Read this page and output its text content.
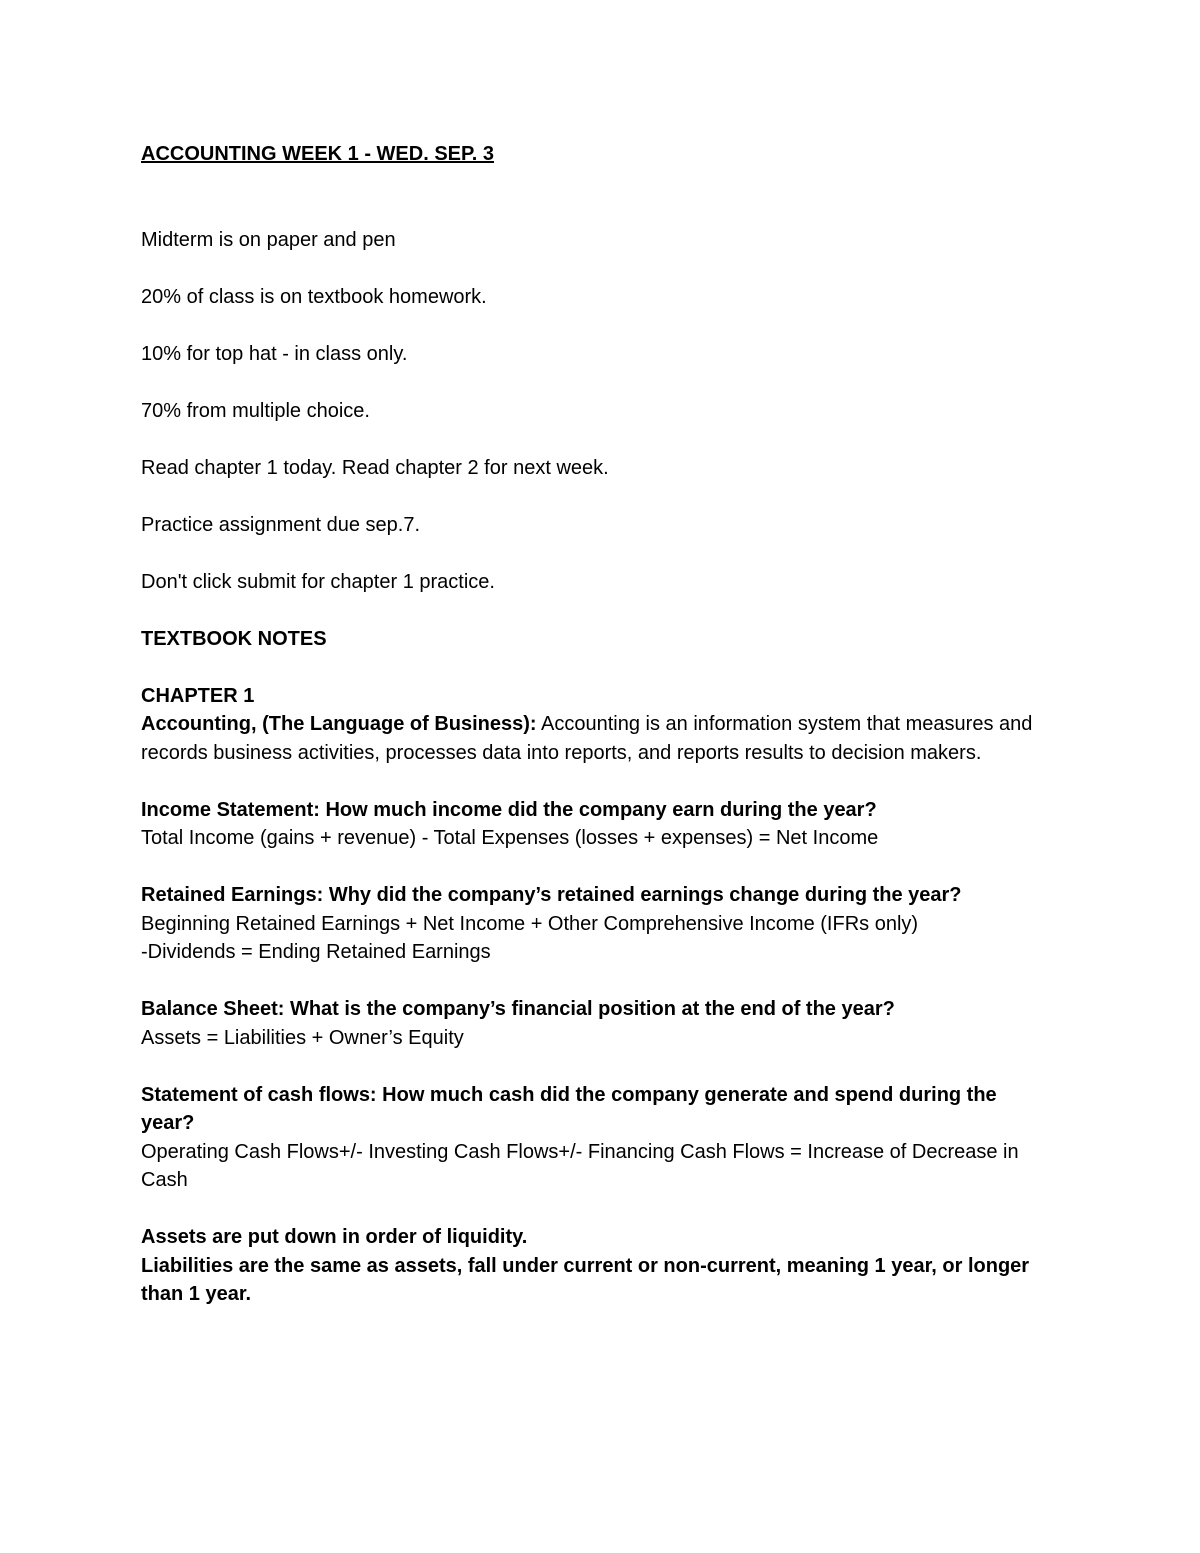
ACCOUNTING WEEK 1 - WED. SEP. 3

Midterm is on paper and pen

20% of class is on textbook homework.

10% for top hat - in class only.

70% from multiple choice.

Read chapter 1 today. Read chapter 2 for next week.

Practice assignment due sep.7.

Don't click submit for chapter 1 practice.

TEXTBOOK NOTES
CHAPTER 1
Accounting, (The Language of Business): Accounting is an information system that measures and records business activities, processes data into reports, and reports results to decision makers.
Income Statement: How much income did the company earn during the year?
Total Income (gains + revenue) - Total Expenses (losses + expenses) = Net Income
Retained Earnings: Why did the company’s retained earnings change during the year?
Beginning Retained Earnings + Net Income + Other Comprehensive Income (IFRs only)
-Dividends = Ending Retained Earnings
Balance Sheet: What is the company’s financial position at the end of the year?
Assets = Liabilities + Owner’s Equity
Statement of cash flows: How much cash did the company generate and spend during the year?
Operating Cash Flows+/- Investing Cash Flows+/- Financing Cash Flows = Increase of Decrease in Cash
Assets are put down in order of liquidity.
Liabilities are the same as assets, fall under current or non-current, meaning 1 year, or longer than 1 year.
